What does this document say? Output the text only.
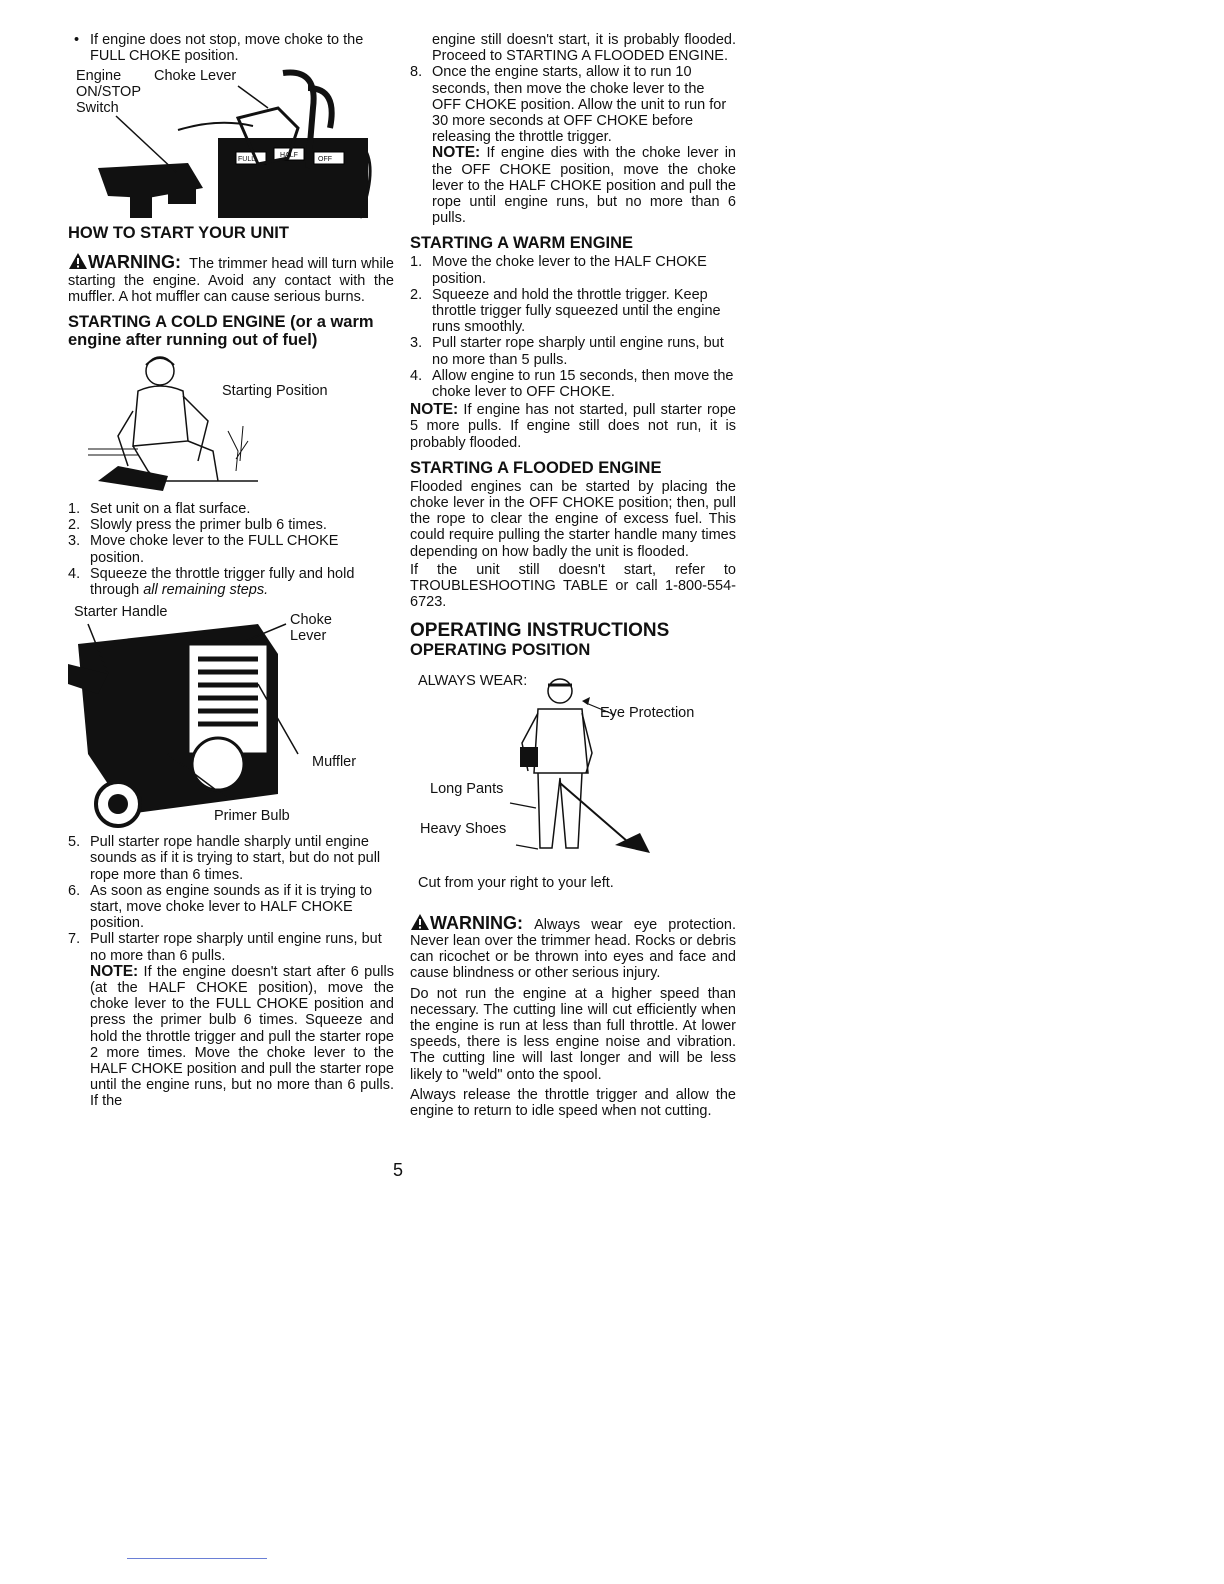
• If engine does not stop, move choke to the FULL CHOKE position.

Engine
ON/STOP
Switch
Choke Lever
FULL
HALF
OFF
HOW TO START YOUR UNIT

WARNING: The trimmer head will turn while starting the engine. Avoid any contact with the muffler. A hot muffler can cause serious burns.

STARTING A COLD ENGINE (or a warm engine after running out of fuel)
Starting Position
1. Set unit on a flat surface.
2. Slowly press the primer bulb 6 times.
3. Move choke lever to the FULL CHOKE position.
4. Squeeze the throttle trigger fully and hold through all remaining steps.
Starter Handle	Choke
Lever
Muffler
Primer Bulb
5. Pull starter rope handle sharply until engine sounds as if it is trying to start, but do not pull rope more than 6 times.
6. As soon as engine sounds as if it is trying to start, move choke lever to HALF CHOKE position.
7. Pull starter rope sharply until engine runs, but no more than 6 pulls.

NOTE: If the engine doesn't start after 6 pulls (at the HALF CHOKE position), move the choke lever to the FULL CHOKE position and press the primer bulb 6 times. Squeeze and hold the throttle trigger and pull the starter rope 2 more times. Move the choke lever to the HALF CHOKE position and pull the starter rope until the engine runs, but no more than 6 pulls. If the

engine still doesn't start, it is probably flooded. Proceed to STARTING A FLOODED ENGINE.

8. Once the engine starts, allow it to run 10 seconds, then move the choke lever to the OFF CHOKE position. Allow the unit to run for 30 more seconds at OFF CHOKE before releasing the throttle trigger.

NOTE: If engine dies with the choke lever in the OFF CHOKE position, move the choke lever to the HALF CHOKE position and pull the rope until engine runs, but no more than 6 pulls.

STARTING A WARM ENGINE
1. Move the choke lever to the HALF CHOKE position.
2. Squeeze and hold the throttle trigger. Keep throttle trigger fully squeezed until the engine runs smoothly.
3. Pull starter rope sharply until engine runs, but no more than 5 pulls.
4. Allow engine to run 15 seconds, then move the choke lever to OFF CHOKE.

NOTE: If engine has not started, pull starter rope 5 more pulls. If engine still does not run, it is probably flooded.

STARTING A FLOODED ENGINE

Flooded engines can be started by placing the choke lever in the OFF CHOKE position; then, pull the rope to clear the engine of excess fuel. This could require pulling the starter handle many times depending on how badly the unit is flooded.

If the unit still doesn't start, refer to TROUBLESHOOTING TABLE or call 1-800-554-6723.

OPERATING INSTRUCTIONS
OPERATING POSITION
ALWAYS WEAR:
Eye Protection
Long Pants
Heavy Shoes

Cut from your right to your left.

WARNING: Always wear eye protection. Never lean over the trimmer head. Rocks or debris can ricochet or be thrown into eyes and face and cause blindness or other serious injury.

Do not run the engine at a higher speed than necessary. The cutting line will cut efficiently when the engine is run at less than full throttle. At lower speeds, there is less engine noise and vibration. The cutting line will last longer and will be less likely to "weld" onto the spool.

Always release the throttle trigger and allow the engine to return to idle speed when not cutting.

5
